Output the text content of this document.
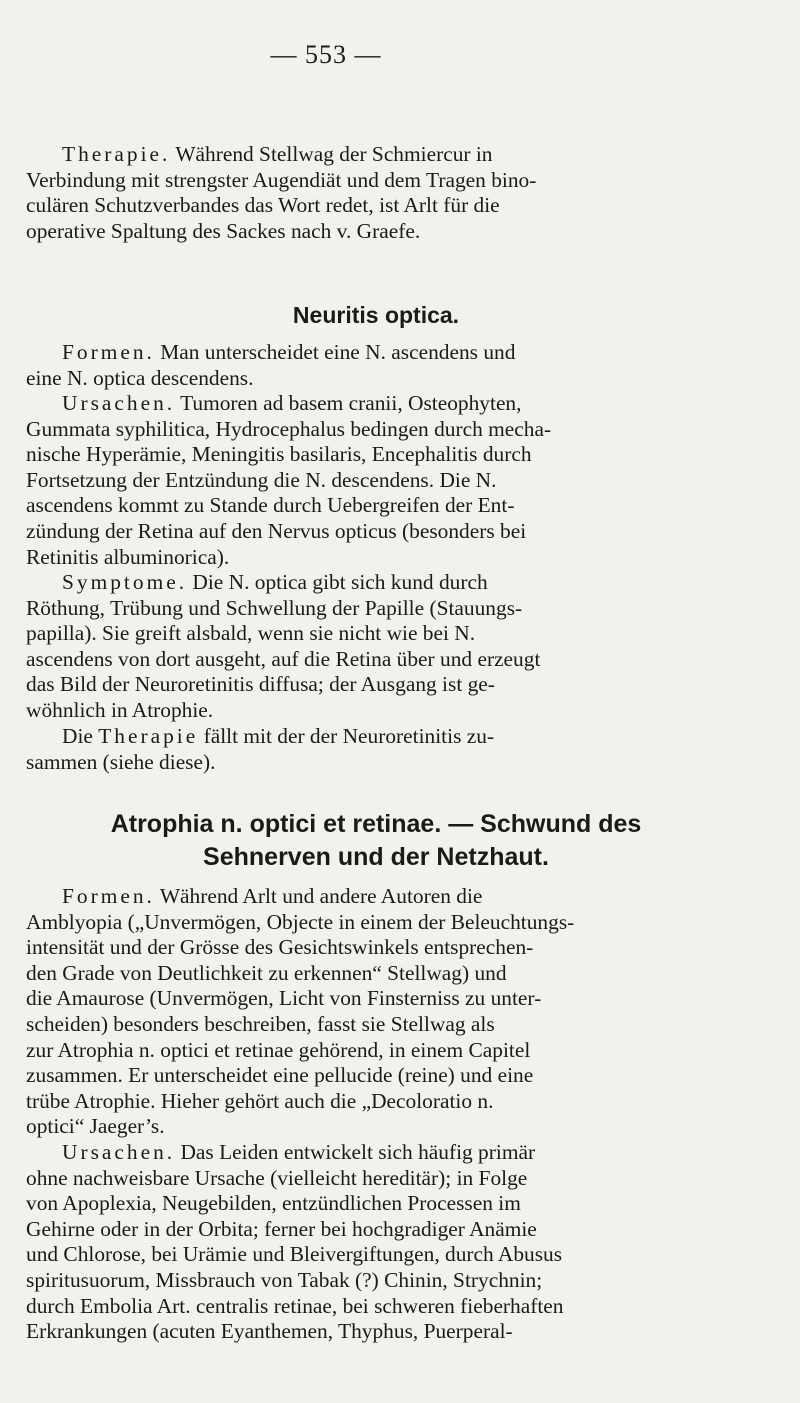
— 553 —
Therapie. Während Stellwag der Schmiercur in
Verbindung mit strengster Augendiät und dem Tragen bino-
culären Schutzverbandes das Wort redet, ist Arlt für die
operative Spaltung des Sackes nach v. Graefe.
Neuritis optica.
Formen. Man unterscheidet eine N. ascendens und
eine N. optica descendens.
Ursachen. Tumoren ad basem cranii, Osteophyten,
Gummata syphilitica, Hydrocephalus bedingen durch mecha-
nische Hyperämie, Meningitis basilaris, Encephalitis durch
Fortsetzung der Entzündung die N. descendens. Die N.
ascendens kommt zu Stande durch Uebergreifen der Ent-
zündung der Retina auf den Nervus opticus (besonders bei
Retinitis albuminorica).
Symptome. Die N. optica gibt sich kund durch
Röthung, Trübung und Schwellung der Papille (Stauungs-
papilla). Sie greift alsbald, wenn sie nicht wie bei N.
ascendens von dort ausgeht, auf die Retina über und erzeugt
das Bild der Neuroretinitis diffusa; der Ausgang ist ge-
wöhnlich in Atrophie.
Die Therapie fällt mit der der Neuroretinitis zu-
sammen (siehe diese).
Atrophia n. optici et retinae. — Schwund des
Sehnerven und der Netzhaut.
Formen. Während Arlt und andere Autoren die
Amblyopia („Unvermögen, Objecte in einem der Beleuchtungs-
intensität und der Grösse des Gesichtswinkels entsprechen-
den Grade von Deutlichkeit zu erkennen“ Stellwag) und
die Amaurose (Unvermögen, Licht von Finsterniss zu unter-
scheiden) besonders beschreiben, fasst sie Stellwag als
zur Atrophia n. optici et retinae gehörend, in einem Capitel
zusammen. Er unterscheidet eine pellucide (reine) und eine
trübe Atrophie. Hieher gehört auch die „Decoloratio n.
optici“ Jaeger’s.
Ursachen. Das Leiden entwickelt sich häufig primär
ohne nachweisbare Ursache (vielleicht hereditär); in Folge
von Apoplexia, Neugebilden, entzündlichen Processen im
Gehirne oder in der Orbita; ferner bei hochgradiger Anämie
und Chlorose, bei Urämie und Bleivergiftungen, durch Abusus
spiritusuorum, Missbrauch von Tabak (?) Chinin, Strychnin;
durch Embolia Art. centralis retinae, bei schweren fieberhaften
Erkrankungen (acuten Eyanthemen, Thyphus, Puerperal-
